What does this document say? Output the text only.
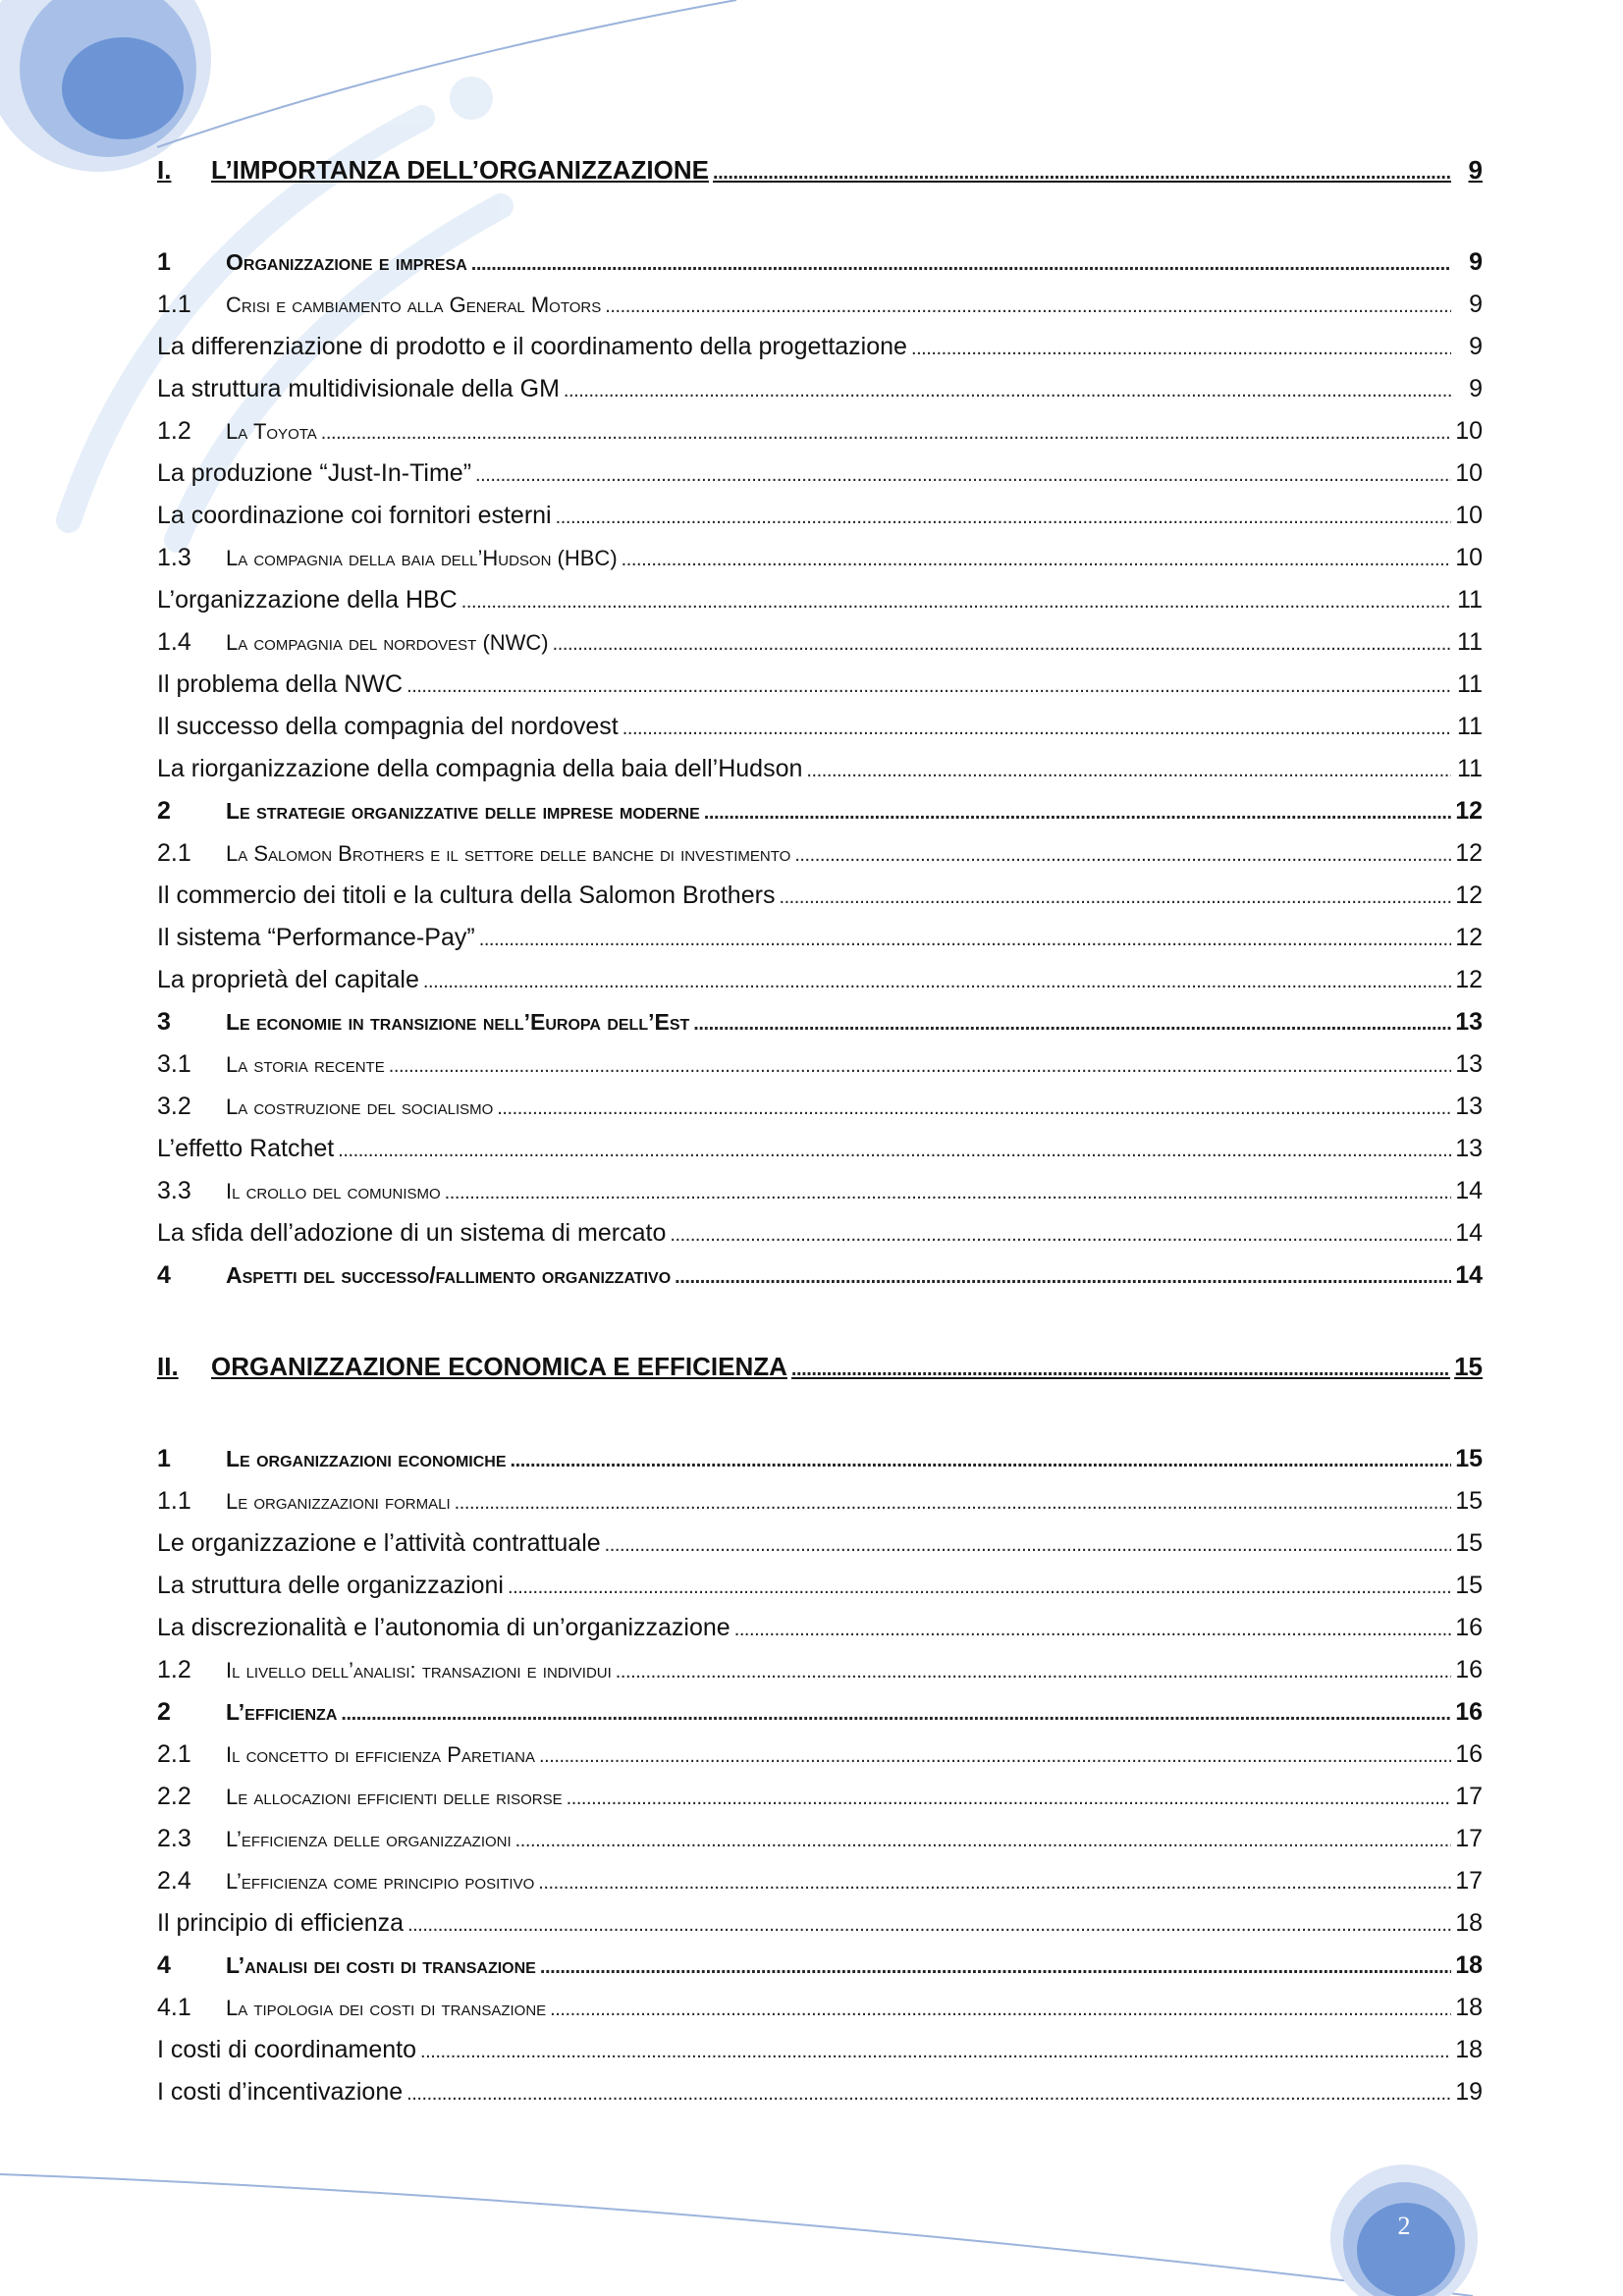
I.	L’IMPORTANZA DELL’ORGANIZZAZIONE . . .	9
1	Organizzazione e impresa . . .	9
1.1	Crisi e cambiamento alla General Motors . . .	9
La differenziazione di prodotto e il coordinamento della progettazione . . .	9
La struttura multidivisionale della GM . . .	9
1.2	La Toyota . . .	10
La produzione “Just-In-Time” . . .	10
La coordinazione coi fornitori esterni . . .	10
1.3	La compagnia della baia dell’Hudson (HBC) . . .	10
L’organizzazione della HBC . . .	11
1.4	La compagnia del nordovest (NWC) . . .	11
Il problema della NWC . . .	11
Il successo della compagnia del nordovest . . .	11
La riorganizzazione della compagnia della baia dell’Hudson . . .	11
2	Le strategie organizzative delle imprese moderne . . .	12
2.1	La Salomon Brothers e il settore delle banche di investimento . . .	12
Il commercio dei titoli e la cultura della Salomon Brothers . . .	12
Il sistema “Performance-Pay” . . .	12
La proprietà del capitale . . .	12
3	Le economie in transizione nell’Europa dell’Est . . .	13
3.1	La storia recente . . .	13
3.2	La costruzione del socialismo . . .	13
L’effetto Ratchet . . .	13
3.3	Il crollo del comunismo . . .	14
La sfida dell’adozione di un sistema di mercato . . .	14
4	Aspetti del successo/fallimento organizzativo . . .	14
II.	ORGANIZZAZIONE ECONOMICA E EFFICIENZA . . .	15
1	Le organizzazioni economiche . . .	15
1.1	Le organizzazioni formali . . .	15
Le organizzazione e l’attività contrattuale . . .	15
La struttura delle organizzazioni . . .	15
La discrezionalità e l’autonomia di un’organizzazione . . .	16
1.2	Il livello dell’analisi: transazioni e individui . . .	16
2	L’efficienza . . .	16
2.1	Il concetto di efficienza Paretiana . . .	16
2.2	Le allocazioni efficienti delle risorse . . .	17
2.3	L’efficienza delle organizzazioni . . .	17
2.4	L’efficienza come principio positivo . . .	17
Il principio di efficienza . . .	18
4	L’analisi dei costi di transazione . . .	18
4.1	La tipologia dei costi di transazione . . .	18
I costi di coordinamento . . .	18
I costi d’incentivazione . . .	19
2
